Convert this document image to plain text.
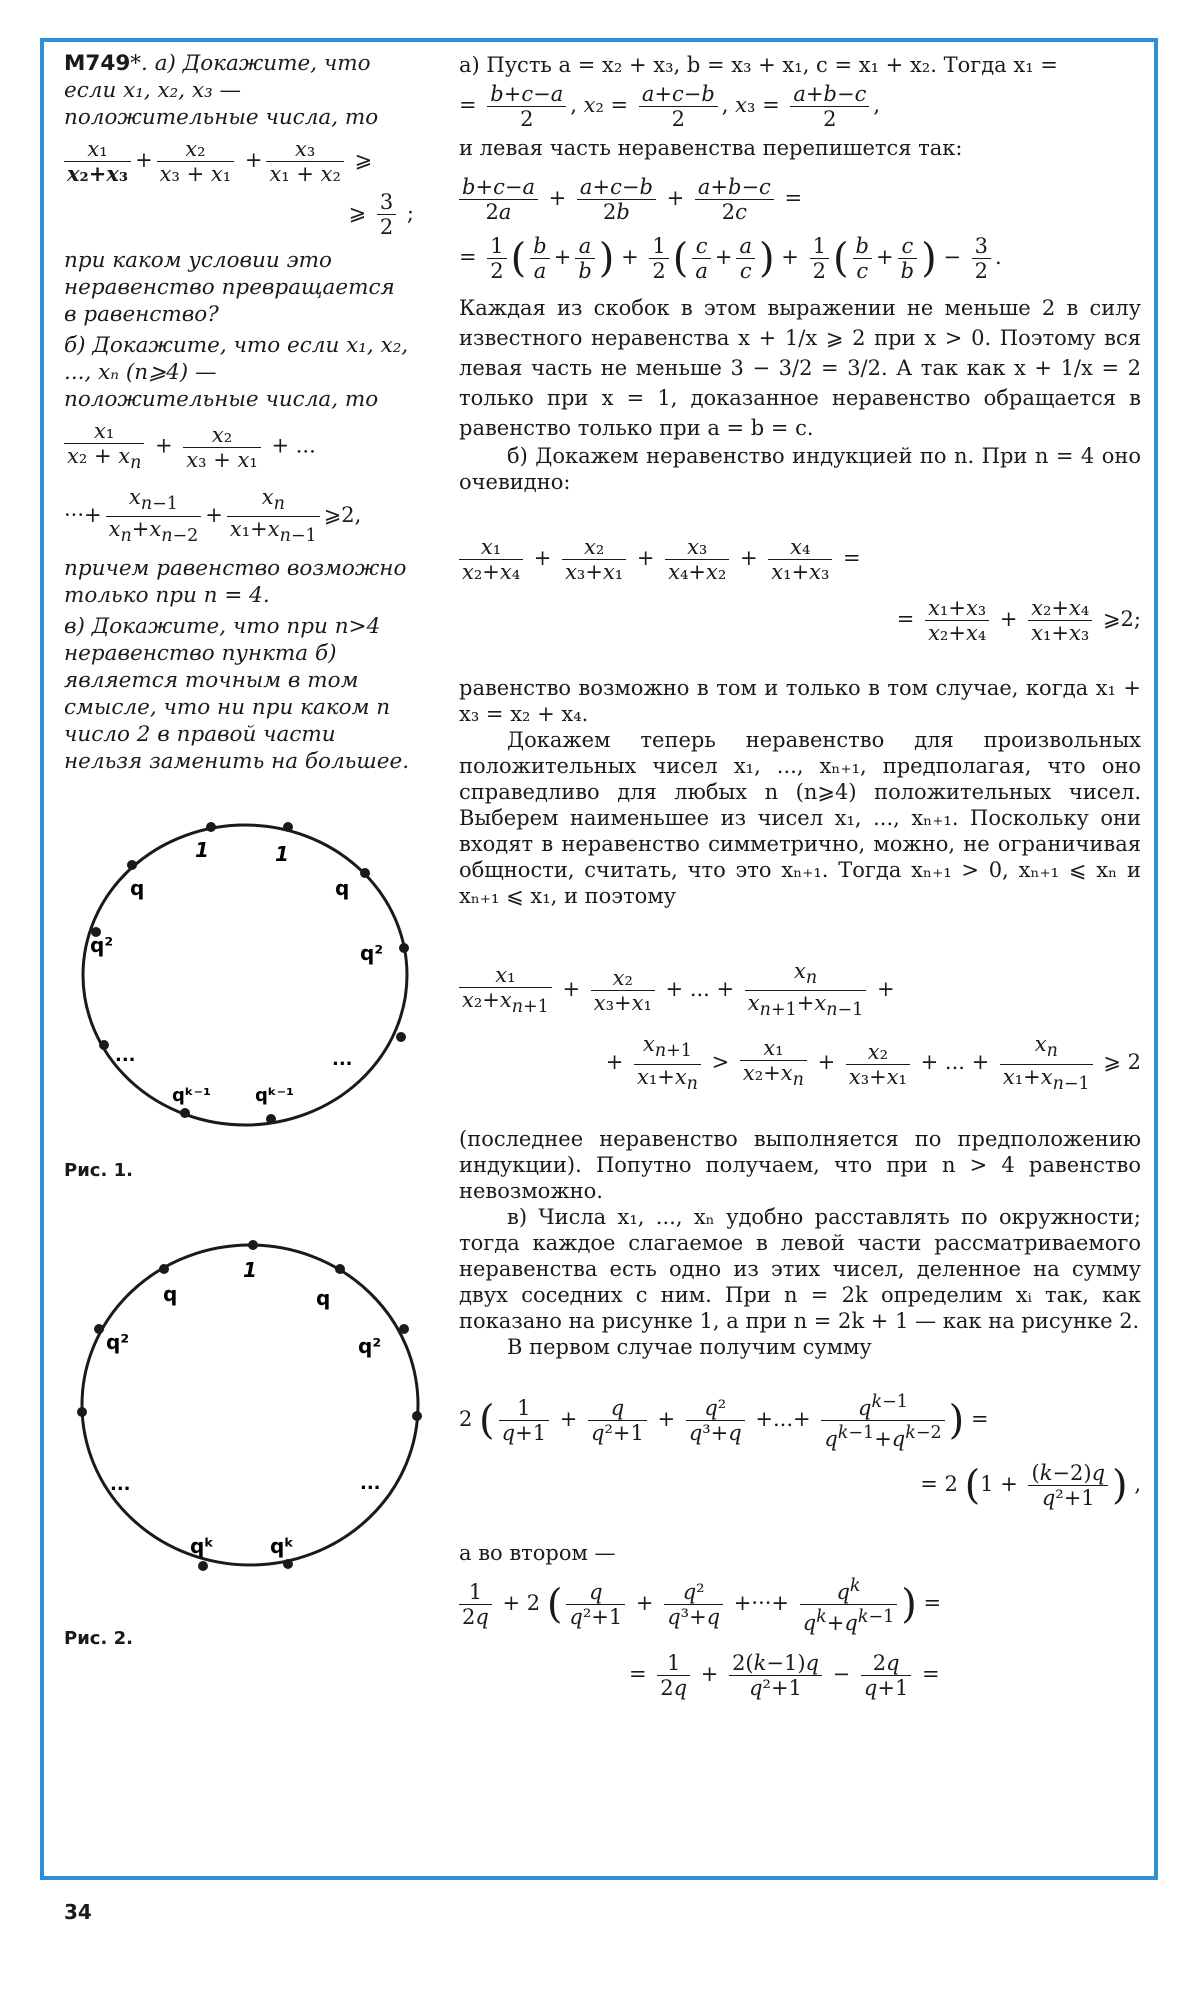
M749*. а) Докажите, что если x₁, x₂, x₃ — положительные числа, то
$\frac{\text{x₁}}{\text{x₂+x₃}} + \frac{\text{x₂}}{\text{x₃ + x₁}} + \frac{\text{x₃}}{\text{x₁ + x₂}}$ ⩾
⩾ $\frac{3}{2}$ ;
при каком условии это неравенство превращается в равенство?
б) Докажите, что если x₁, x₂, ..., xₙ (n⩾4) — положительные числа, то
$\frac{\text{x₁}}{x_2 + x_n} + \frac{\text{x₂}}{\text{x₃ + x₁}}$ + ...
···+ $\frac{x_{n-1}}{x_n+x_{n-2}} + \frac{x_n}{x_1+x_{n-1}}$ ⩾2,
причем равенство возможно только при n = 4.
в) Докажите, что при n>4 неравенство пункта б) является точным в том смысле, что ни при каком n число 2 в правой части нельзя заменить на большее.
1	1
q	q
q²	q²
qᵏ⁻¹ qᵏ⁻¹
...	...
Рис. 1.
1
q	q
q²	q²
qᵏ	qᵏ
...	...
Рис. 2.
а) Пусть a = x₂ + x₃, b = x₃ + x₁, c = x₁ + x₂. Тогда x₁ =
= $\frac{b+c-a}{2}$ , $x_2 = \frac{a+c-b}{2}$ , $x_3 = \frac{a+b-c}{2}$ ,
и левая часть неравенства перепишется так:
$\frac{b+c-a}{2a} + \frac{a+c-b}{2b} + \frac{a+b-c}{2c}$ =
= $\frac{1}{2}$ ( $\frac{b}{a} + \frac{a}{b}$ ) + $\frac{1}{2}$ ( $\frac{c}{a} + \frac{a}{c}$ ) + $\frac{1}{2}$ ( $\frac{b}{c} + \frac{c}{b}$ ) − $\frac{3}{2}$ .
Каждая из скобок в этом выражении не меньше 2 в силу известного неравенства x + 1/x ⩾ 2 при x > 0. Поэтому вся левая часть не меньше 3 − 3/2 = 3/2. А так как x + 1/x = 2 только при x = 1, доказанное неравенство обращается в равенство только при a = b = c.
б) Докажем неравенство индукцией по n. При n = 4 оно очевидно:
$\frac{\text{x₁}}{\text{x₂+x₄}} + \frac{\text{x₂}}{\text{x₃+x₁}} + \frac{\text{x₃}}{\text{x₄+x₂}} + \frac{\text{x₄}}{\text{x₁+x₃}}$ =
= $\frac{\text{x₁+x₃}}{\text{x₂+x₄}} + \frac{\text{x₂+x₄}}{\text{x₁+x₃}}$ ⩾2;
равенство возможно в том и только в том случае, когда x₁ + x₃ = x₂ + x₄.
Докажем теперь неравенство для произвольных положительных чисел x₁, ..., xₙ₊₁, предполагая, что оно справедливо для любых n (n⩾4) положительных чисел. Выберем наименьшее из чисел x₁, ..., xₙ₊₁. Поскольку они входят в неравенство симметрично, можно, не ограничивая общности, считать, что это xₙ₊₁. Тогда xₙ₊₁ > 0, xₙ₊₁ ⩽ xₙ и xₙ₊₁ ⩽ x₁, и поэтому
$\frac{\text{x₁}}{x_2+x_{n+1}} + \frac{\text{x₂}}{\text{x₃+x₁}}$ + ... + $\frac{x_n}{x_{n+1}+x_{n-1}}$ +
+ $\frac{x_{n+1}}{x_1+x_n} > \frac{\text{x₁}}{x_2+x_n} + \frac{\text{x₂}}{\text{x₃+x₁}}$ + ... + $\frac{x_n}{x_1+x_{n-1}}$ ⩾ 2
(последнее неравенство выполняется по предположению индукции). Попутно получаем, что при n > 4 равенство невозможно.
в) Числа x₁, ..., xₙ удобно расставлять по окружности; тогда каждое слагаемое в левой части рассматриваемого неравенства есть одно из этих чисел, деленное на сумму двух соседних с ним. При n = 2k определим xᵢ так, как показано на рисунке 1, а при n = 2k + 1 — как на рисунке 2.
В первом случае получим сумму
2 ( $\frac{1}{q+1} + \frac{q}{\text{q²+1}} + \frac{\text{q²}}{\text{q³+q}}$ +...+ $\frac{q^{k-1}}{q^{k-1}+q^{k-2}}$ ) =
= 2 ($1 + \frac{(k-2)q}{\text{q²+1}}$ ) ,
а во втором —
$\frac{1}{2q} + 2$ ( $\frac{q}{\text{q²+1}} + \frac{\text{q²}}{\text{q³+q}}$ +···+ $\frac{q^k}{q^k+q^{k-1}}$ ) =
= $\frac{1}{2q} + \frac{2(k-1)q}{\text{q²+1}} - \frac{2q}{q+1}$ =
34
